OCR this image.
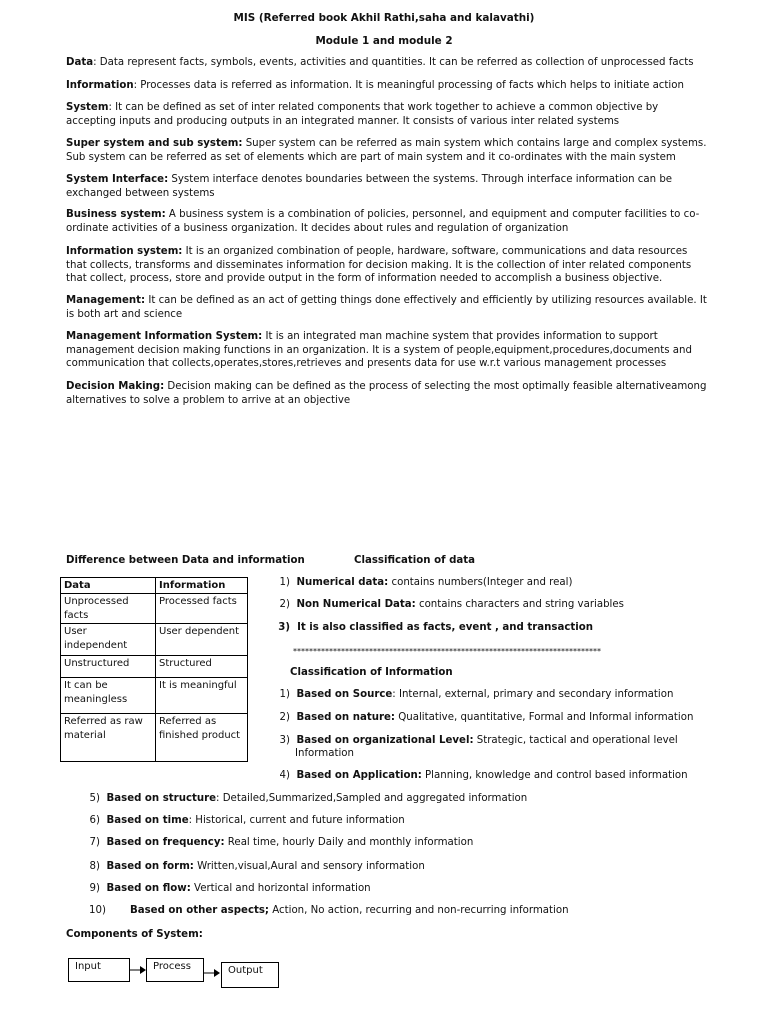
MIS (Referred book Akhil Rathi,saha and kalavathi)
Module 1 and module 2
Data: Data represent facts, symbols, events, activities and quantities. It can be referred as collection of unprocessed facts
Information: Processes data is referred as information. It is meaningful processing of facts which helps to initiate action
System: It can be defined as set of inter related components that work together to achieve a common objective by accepting inputs and producing outputs in an integrated manner. It consists of various inter related systems
Super system and sub system: Super system can be referred as main system which contains large and complex systems. Sub system can be referred as set of elements which are part of main system and it co-ordinates with the main system
System Interface: System interface denotes boundaries between the systems. Through interface information can be exchanged between systems
Business system: A business system is a combination of policies, personnel, and equipment and computer facilities to co-ordinate activities of a business organization. It decides about rules and regulation of organization
Information system: It is an organized combination of people, hardware, software, communications and data resources that collects, transforms and disseminates information for decision making. It is the collection of inter related components that collect, process, store and provide output in the form of information needed to accomplish a business objective.
Management: It can be defined as an act of getting things done effectively and efficiently by utilizing resources available. It is both art and science
Management Information System: It is an integrated man machine system that provides information to support management decision making functions in an organization. It is a system of people,equipment,procedures,documents and communication that collects,operates,stores,retrieves and presents data for use w.r.t various management processes
Decision Making: Decision making can be defined as the process of selecting the most optimally feasible alternativeamong alternatives to solve a problem to arrive at an objective
Difference between Data and information	Classification of data
Data	Information
Unprocessed facts	Processed facts
User independent	User dependent
Unstructured	Structured
It can be meaningless	It is meaningful
Referred as raw material	Referred as finished product
1) Numerical data: contains numbers(Integer and real)
2) Non Numerical Data: contains characters and string variables
3) It is also classified as facts, event , and transaction
*****************************************************************************
Classification of Information
1) Based on Source: Internal, external, primary and secondary information
2) Based on nature: Qualitative, quantitative, Formal and Informal information
3) Based on organizational Level: Strategic, tactical and operational level
Information
4) Based on Application: Planning, knowledge and control based information
5) Based on structure: Detailed,Summarized,Sampled and aggregated information
6) Based on time: Historical, current and future information
7) Based on frequency: Real time, hourly Daily and monthly information
8) Based on form: Written,visual,Aural and sensory information
9) Based on flow: Vertical and horizontal information
10) Based on other aspects; Action, No action, recurring and non-recurring information
Components of System:
Input	Process	Output
